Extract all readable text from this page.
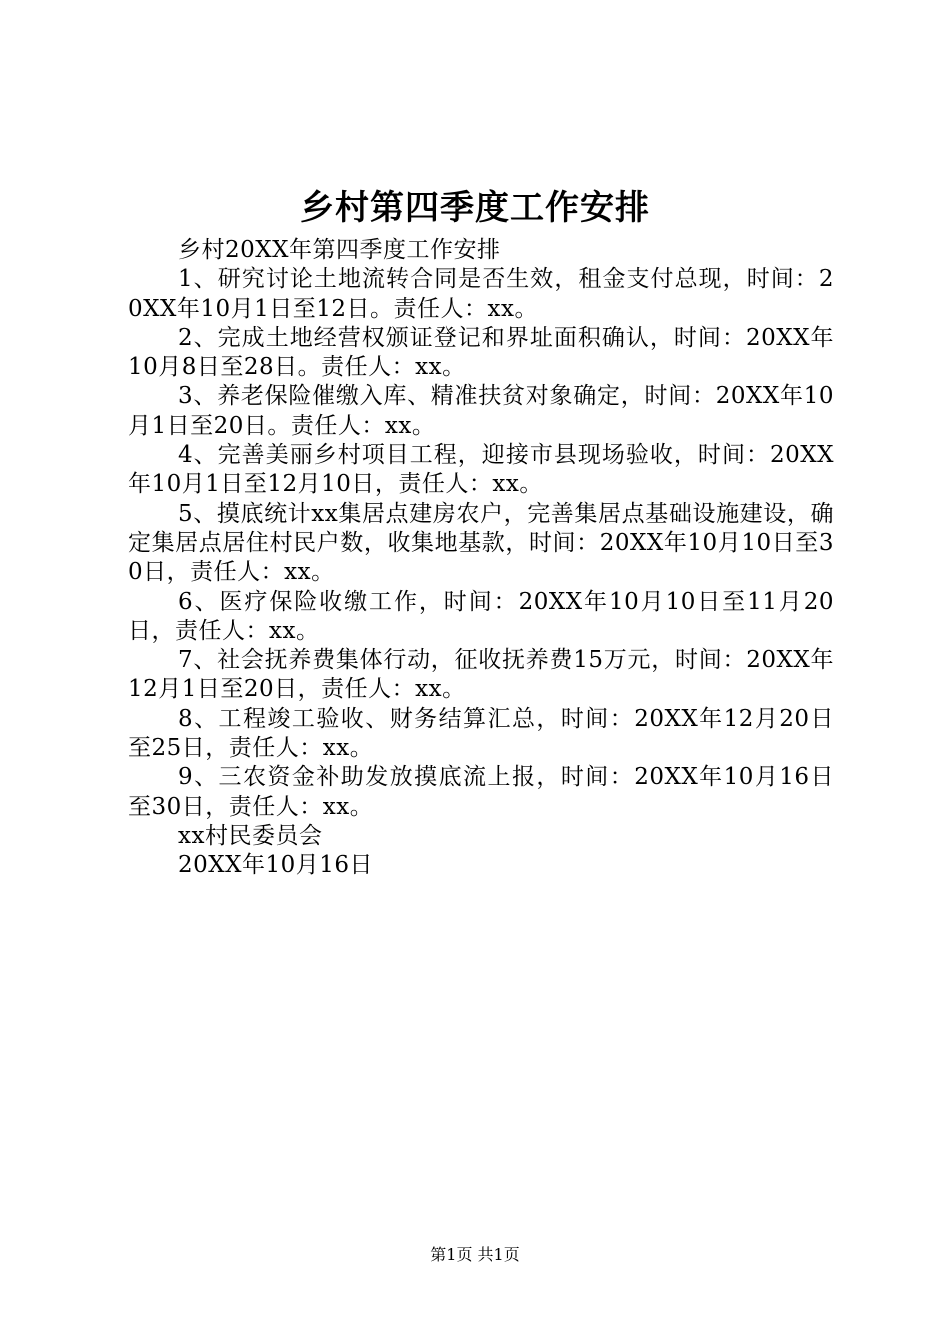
乡村第四季度工作安排

乡村20XX年第四季度工作安排

1、研究讨论土地流转合同是否生效，租金支付总现，时间：20XX年10月1日至12日。责任人：xx。

2、完成土地经营权颁证登记和界址面积确认，时间：20XX年10月8日至28日。责任人：xx。

3、养老保险催缴入库、精准扶贫对象确定，时间：20XX年10月1日至20日。责任人：xx。

4、完善美丽乡村项目工程，迎接市县现场验收，时间：20XX年10月1日至12月10日，责任人：xx。

5、摸底统计xx集居点建房农户，完善集居点基础设施建设，确定集居点居住村民户数，收集地基款，时间：20XX年10月10日至30日，责任人：xx。

6、医疗保险收缴工作，时间：20XX年10月10日至11月20日，责任人：xx。

7、社会抚养费集体行动，征收抚养费15万元，时间：20XX年12月1日至20日，责任人：xx。

8、工程竣工验收、财务结算汇总，时间：20XX年12月20日至25日，责任人：xx。

9、三农资金补助发放摸底流上报，时间：20XX年10月16日至30日，责任人：xx。

xx村民委员会

20XX年10月16日

第1页 共1页
